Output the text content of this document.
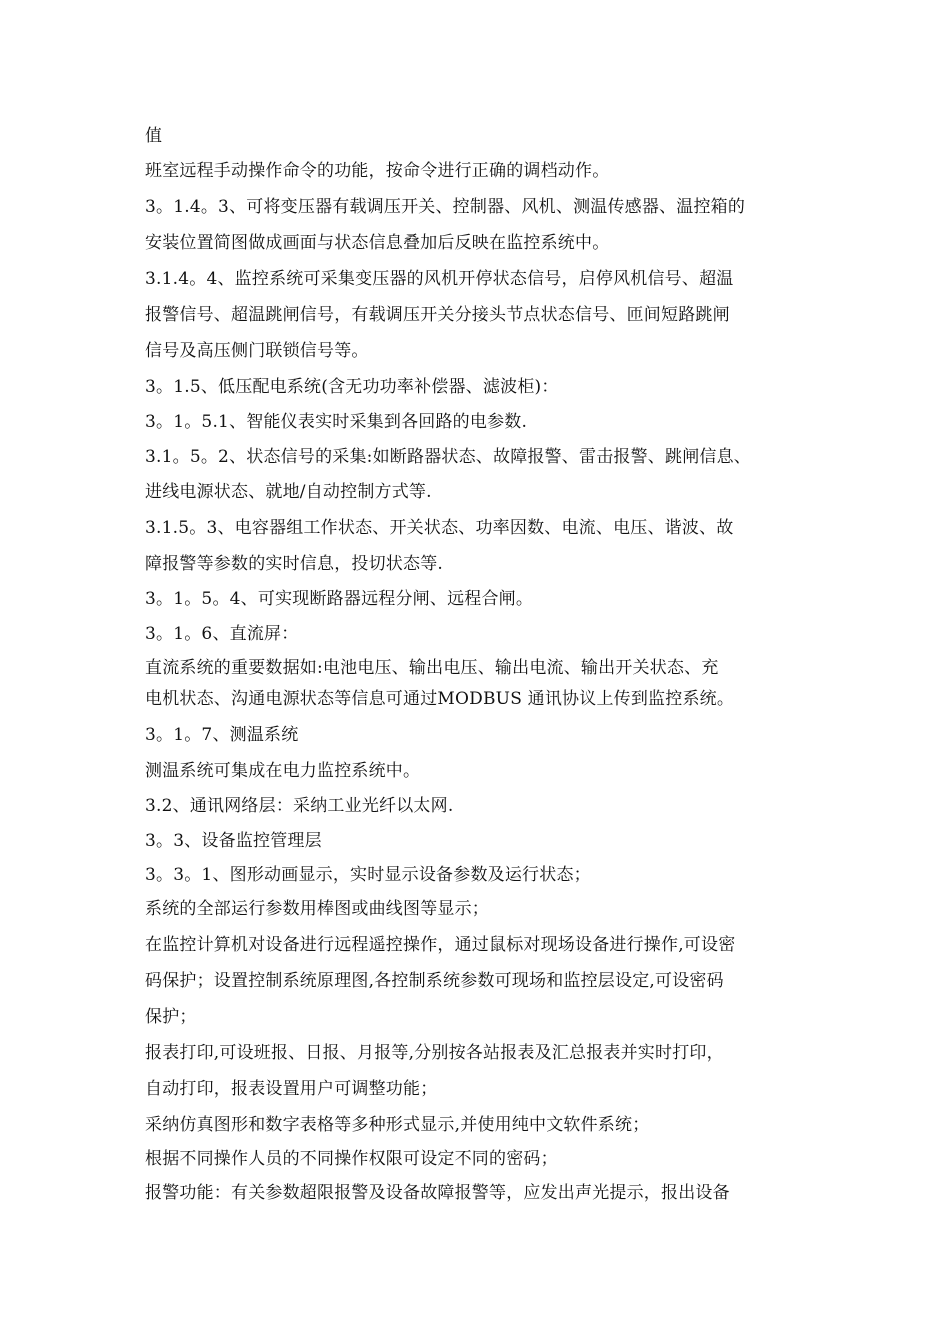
值
班室远程手动操作命令的功能，按命令进行正确的调档动作。
3。1.4。3、可将变压器有载调压开关、控制器、风机、测温传感器、温控箱的
安装位置简图做成画面与状态信息叠加后反映在监控系统中。
3.1.4。4、监控系统可采集变压器的风机开停状态信号，启停风机信号、超温
报警信号、超温跳闸信号，有载调压开关分接头节点状态信号、匝间短路跳闸
信号及高压侧门联锁信号等。
3。1.5、低压配电系统(含无功功率补偿器、滤波柜)：
3。1。5.1、智能仪表实时采集到各回路的电参数.
3.1。5。2、状态信号的采集:如断路器状态、故障报警、雷击报警、跳闸信息、
进线电源状态、就地/自动控制方式等.
3.1.5。3、电容器组工作状态、开关状态、功率因数、电流、电压、谐波、故
障报警等参数的实时信息，投切状态等.
3。1。5。4、可实现断路器远程分闸、远程合闸。
3。1。6、直流屏：
直流系统的重要数据如:电池电压、输出电压、输出电流、输出开关状态、充
电机状态、沟通电源状态等信息可通过MODBUS 通讯协议上传到监控系统。
3。1。7、测温系统
测温系统可集成在电力监控系统中。
3.2、通讯网络层：采纳工业光纤以太网.
3。3、设备监控管理层
3。3。1、图形动画显示，实时显示设备参数及运行状态；
系统的全部运行参数用棒图或曲线图等显示；
在监控计算机对设备进行远程遥控操作，通过鼠标对现场设备进行操作,可设密
码保护；设置控制系统原理图,各控制系统参数可现场和监控层设定,可设密码
保护；
报表打印,可设班报、日报、月报等,分别按各站报表及汇总报表并实时打印，
自动打印，报表设置用户可调整功能；
采纳仿真图形和数字表格等多种形式显示,并使用纯中文软件系统；
根据不同操作人员的不同操作权限可设定不同的密码；
报警功能：有关参数超限报警及设备故障报警等，应发出声光提示，报出设备
